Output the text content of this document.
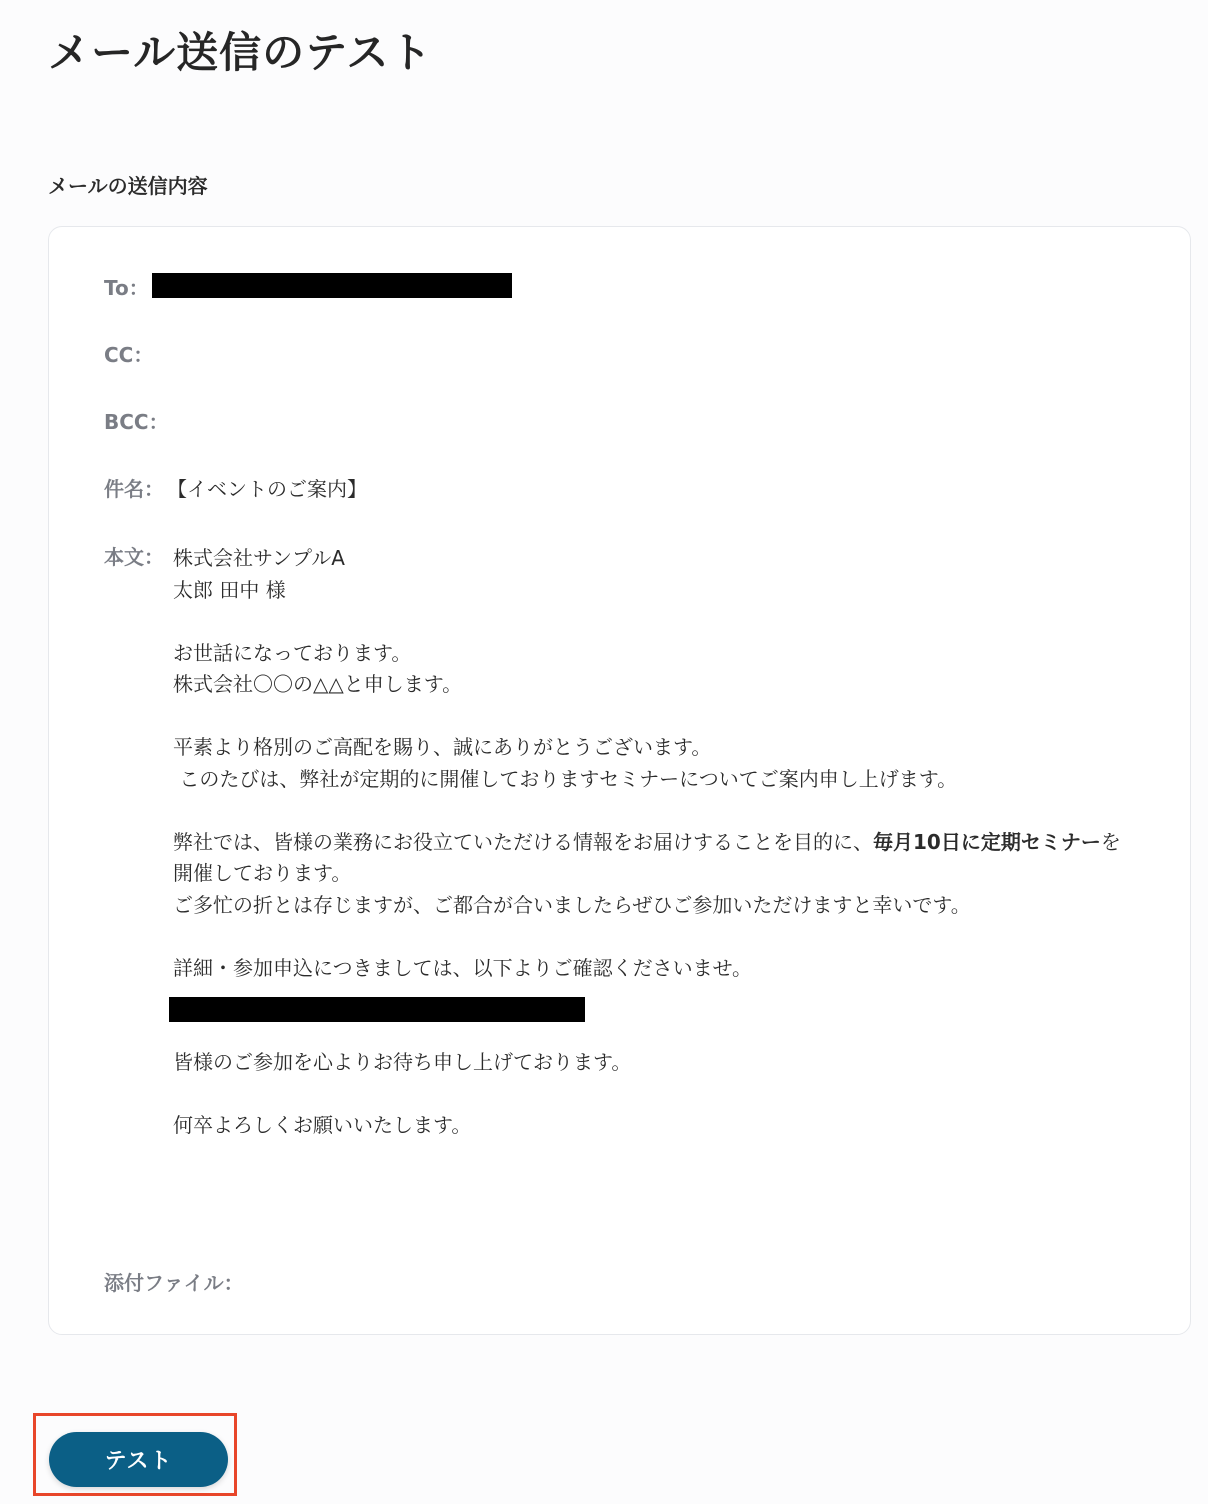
メール送信のテスト
メールの送信内容
To：
CC：
BCC：
件名： 【イベントのご案内】
本文： 株式会社サンプルA

太郎 田中 様

お世話になっております。

株式会社〇〇の△△と申します。

平素より格別のご高配を賜り、誠にありがとうございます。

このたびは、弊社が定期的に開催しておりますセミナーについてご案内申し上げます。

弊社では、皆様の業務にお役立ていただける情報をお届けすることを目的に、毎月10日に定期セミナーを

開催しております。

ご多忙の折とは存じますが、ご都合が合いましたらぜひご参加いただけますと幸いです。

詳細・参加申込につきましては、以下よりご確認くださいませ。

皆様のご参加を心よりお待ち申し上げております。

何卒よろしくお願いいたします。

添付ファイル：
テスト
